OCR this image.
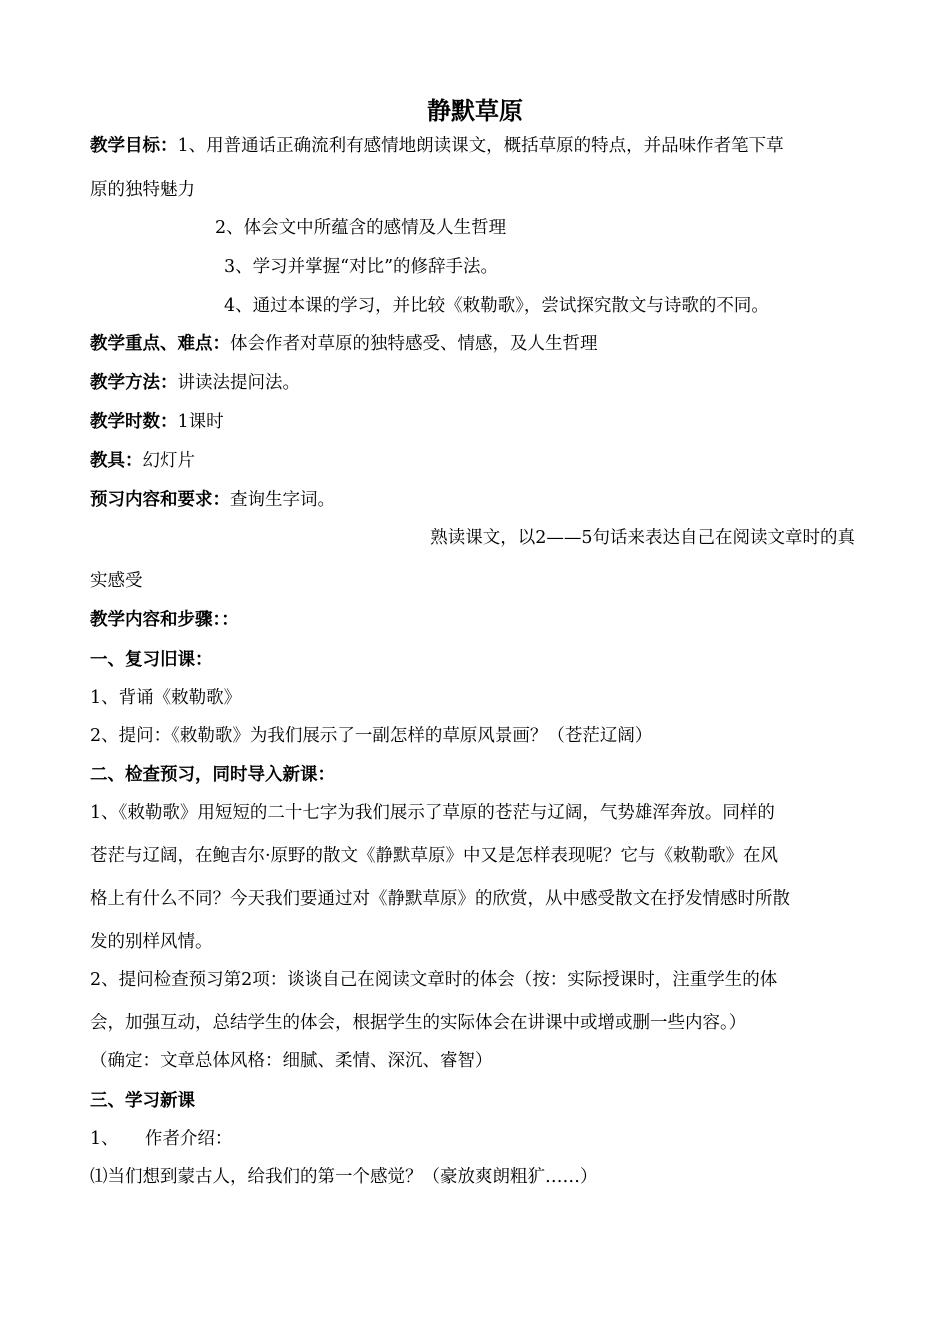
静默草原
教学目标：1、用普通话正确流利有感情地朗读课文，概括草原的特点，并品味作者笔下草
原的独特魅力
2、体会文中所蕴含的感情及人生哲理
3、学习并掌握“对比”的修辞手法。
4、通过本课的学习，并比较《敕勒歌》，尝试探究散文与诗歌的不同。
教学重点、难点：体会作者对草原的独特感受、情感，及人生哲理
教学方法：讲读法提问法。
教学时数：1课时
教具：幻灯片
预习内容和要求：查询生字词。
熟读课文，以2——5句话来表达自己在阅读文章时的真
实感受
教学内容和步骤：：
一、复习旧课：
1、背诵《敕勒歌》
2、提问：《敕勒歌》为我们展示了一副怎样的草原风景画？（苍茫辽阔）
二、检查预习，同时导入新课：
1、《敕勒歌》用短短的二十七字为我们展示了草原的苍茫与辽阔，气势雄浑奔放。同样的
苍茫与辽阔，在鲍吉尔·原野的散文《静默草原》中又是怎样表现呢？它与《敕勒歌》在风
格上有什么不同？今天我们要通过对《静默草原》的欣赏，从中感受散文在抒发情感时所散
发的别样风情。
2、提问检查预习第2项：谈谈自己在阅读文章时的体会（按：实际授课时，注重学生的体
会，加强互动，总结学生的体会，根据学生的实际体会在讲课中或增或删一些内容。）
（确定：文章总体风格：细腻、柔情、深沉、睿智）
三、学习新课
1、　　作者介绍：
⑴当们想到蒙古人，给我们的第一个感觉？（豪放爽朗粗犷……）
